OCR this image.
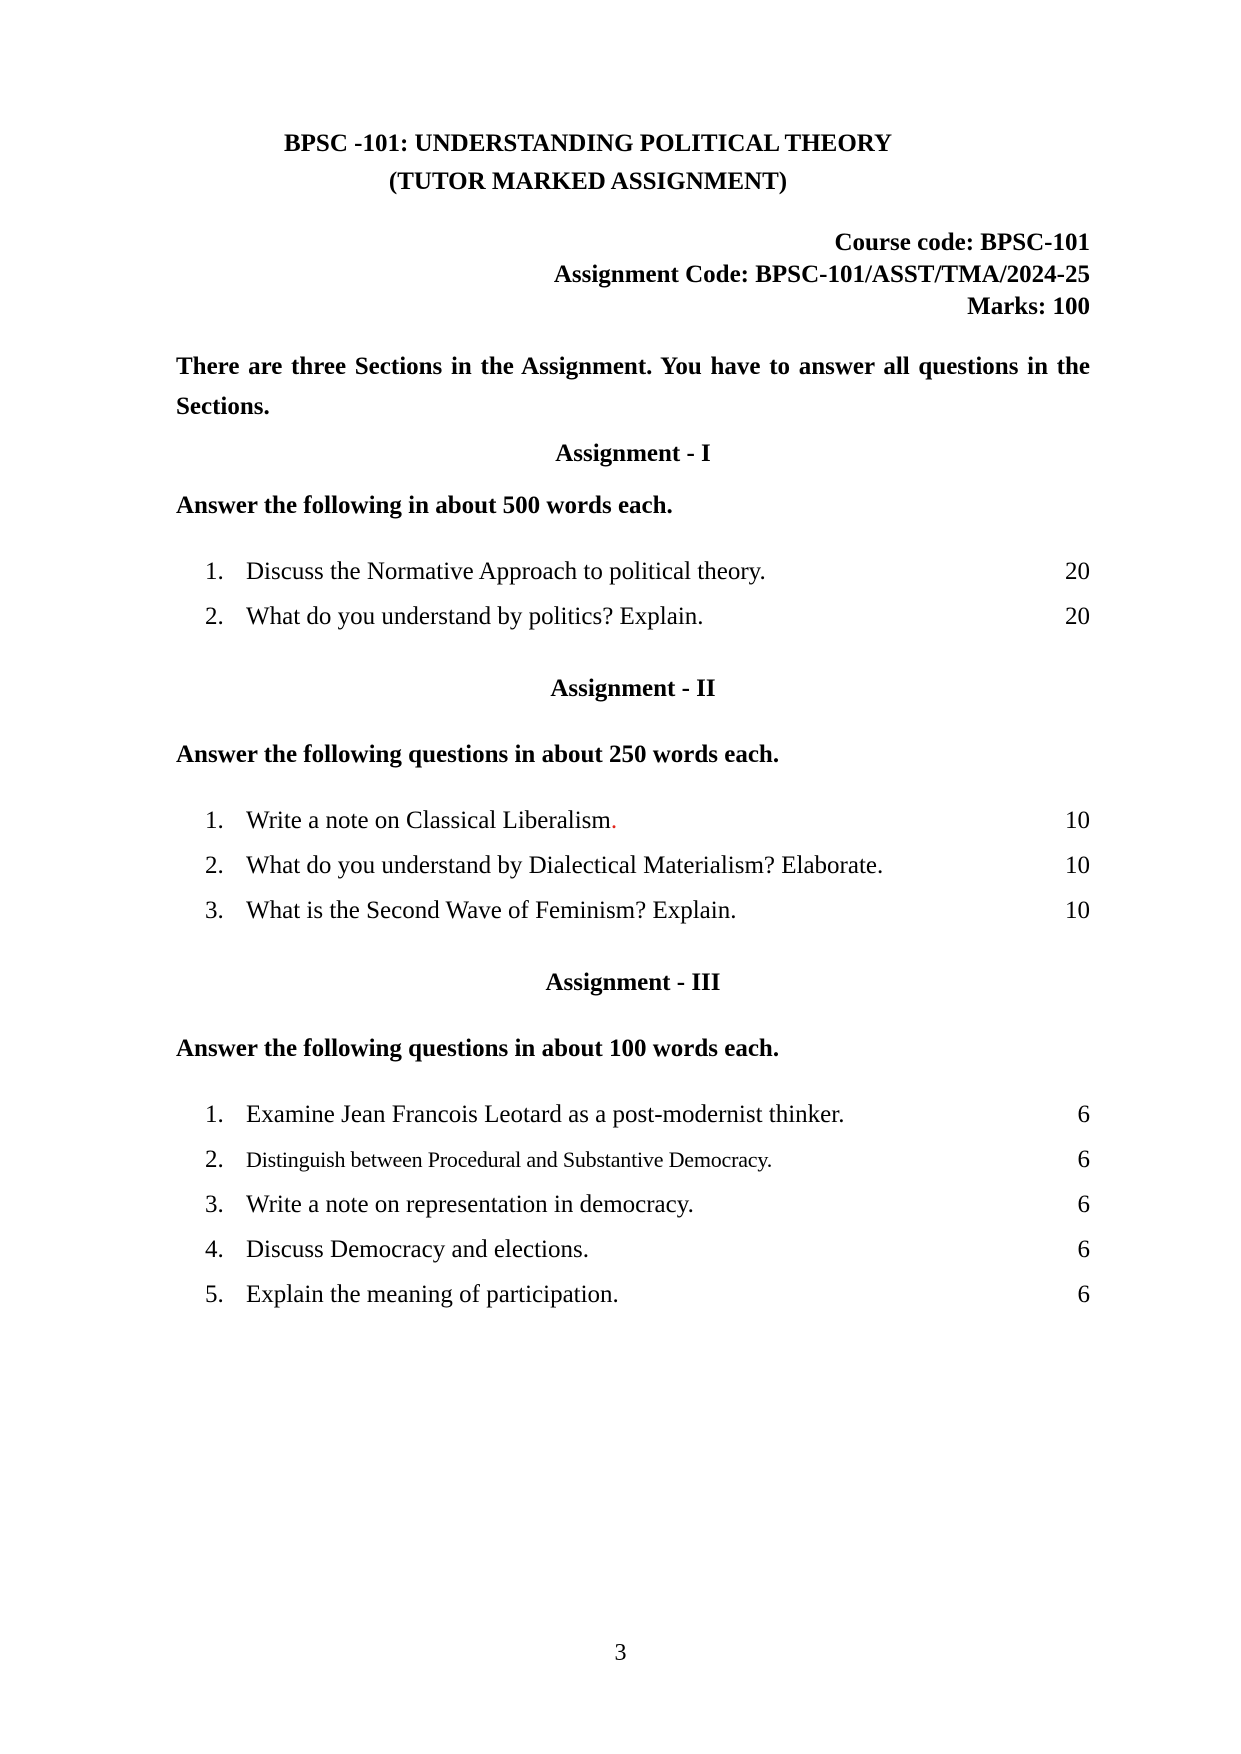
BPSC -101: UNDERSTANDING POLITICAL THEORY
(TUTOR MARKED ASSIGNMENT)
Course code: BPSC-101
Assignment Code: BPSC-101/ASST/TMA/2024-25
Marks: 100

There are three Sections in the Assignment. You have to answer all questions in the Sections.

Assignment - I
Answer the following in about 500 words each.
1. Discuss the Normative Approach to political theory.	20
2. What do you understand by politics? Explain.	20
Assignment - II
Answer the following questions in about 250 words each.
1. Write a note on Classical Liberalism.	10
2. What do you understand by Dialectical Materialism? Elaborate.	10
3. What is the Second Wave of Feminism? Explain.	10
Assignment - III
Answer the following questions in about 100 words each.
1. Examine Jean Francois Leotard as a post-modernist thinker.	6
2.	Distinguish between Procedural and Substantive Democracy.	6
3. Write a note on representation in democracy.	6
4. Discuss Democracy and elections.	6
5. Explain the meaning of participation.	6
3
